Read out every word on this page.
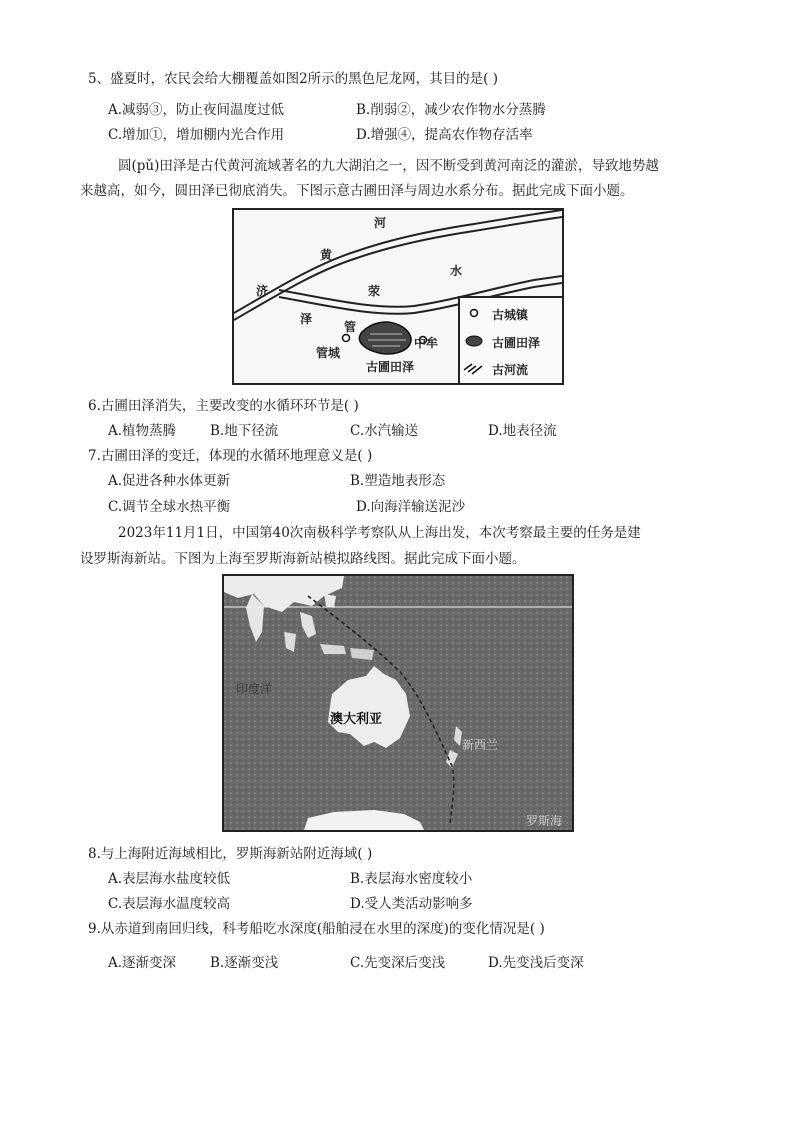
5、盛夏时，农民会给大棚覆盖如图2所示的黑色尼龙网，其目的是( )
A.减弱③，防止夜间温度过低	B.削弱②，减少农作物水分蒸腾
C.增加①，增加棚内光合作用	D.增强④，提高农作物存活率
圆(pǔ)田泽是古代黄河流域著名的九大湖泊之一，因不断受到黄河南泛的灌淤，导致地势越
来越高，如今，圆田泽已彻底消失。下图示意古圃田泽与周边水系分布。据此完成下面小题。
河
黄
水
济	荥
泽
管
管城
中牟
古圃田泽
古城镇
古圃田泽
古河流
6.古圃田泽消失，主要改变的水循环环节是( )
A.植物蒸腾	B.地下径流	C.水汽输送	D.地表径流
7.古圃田泽的变迁，体现的水循环地理意义是( )
A.促进各种水体更新	B.塑造地表形态
C.调节全球水热平衡	D.向海洋输送泥沙
2023年11月1日，中国第40次南极科学考察队从上海出发，本次考察最主要的任务是建
设罗斯海新站。下图为上海至罗斯海新站模拟路线图。据此完成下面小题。
澳大利亚
印度洋
新西兰
罗斯海
8.与上海附近海域相比，罗斯海新站附近海域( )
A.表层海水盐度较低	B.表层海水密度较小
C.表层海水温度较高	D.受人类活动影响多
9.从赤道到南回归线，科考船吃水深度(船舶浸在水里的深度)的变化情况是( )
A.逐渐变深	B.逐渐变浅	C.先变深后变浅	D.先变浅后变深
